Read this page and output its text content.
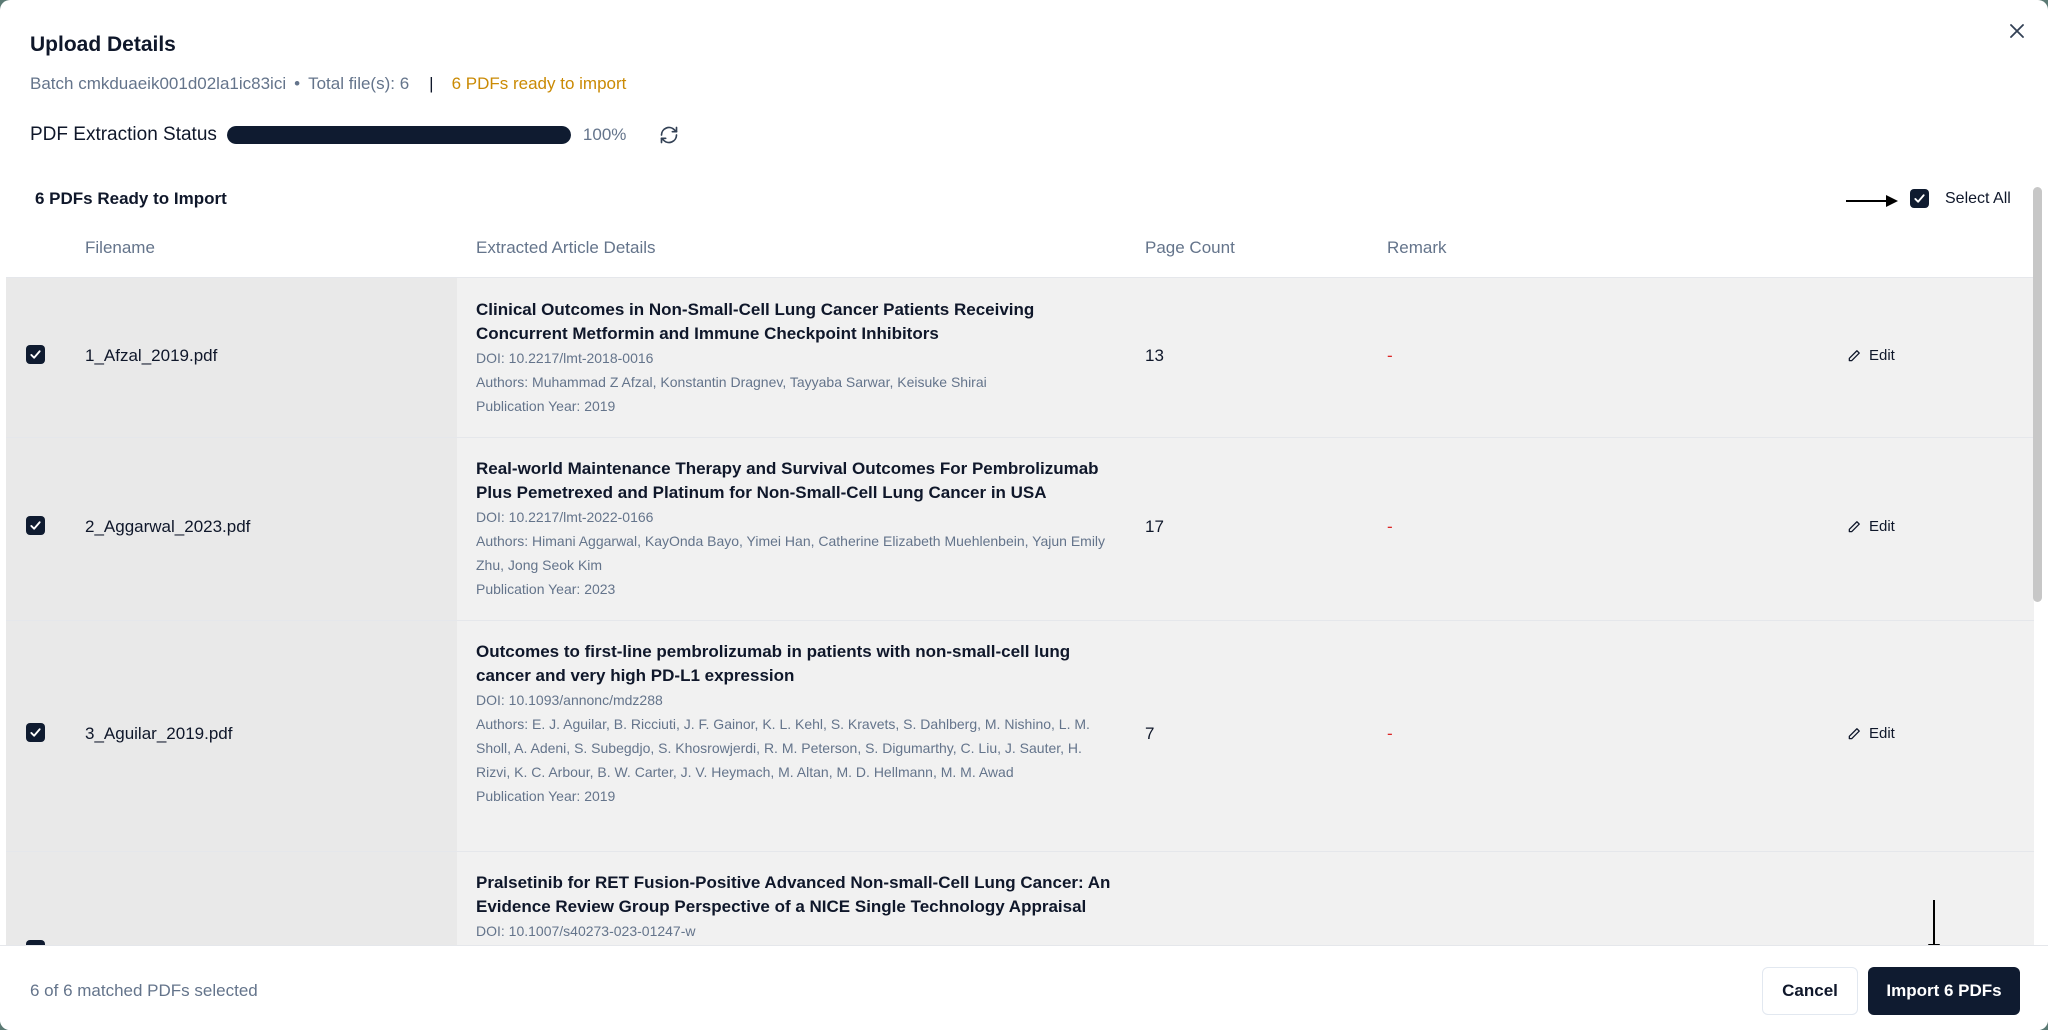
Upload Details
Batch cmkduaeik001d02la1ic83ici • Total file(s): 6 | 6 PDFs ready to import
PDF Extraction Status	100%
6 PDFs Ready to Import	Select All
Filename	Extracted Article Details	Page Count	Remark
1_Afzal_2019.pdf
Clinical Outcomes in Non-Small-Cell Lung Cancer Patients Receiving Concurrent Metformin and Immune Checkpoint Inhibitors
DOI: 10.2217/lmt-2018-0016
Authors: Muhammad Z Afzal, Konstantin Dragnev, Tayyaba Sarwar, Keisuke Shirai
Publication Year: 2019
13	-	Edit
2_Aggarwal_2023.pdf
Real-world Maintenance Therapy and Survival Outcomes For Pembrolizumab Plus Pemetrexed and Platinum for Non-Small-Cell Lung Cancer in USA
DOI: 10.2217/lmt-2022-0166
Authors: Himani Aggarwal, KayOnda Bayo, Yimei Han, Catherine Elizabeth Muehlenbein, Yajun Emily Zhu, Jong Seok Kim
Publication Year: 2023
17	-	Edit
3_Aguilar_2019.pdf
Outcomes to first-line pembrolizumab in patients with non-small-cell lung cancer and very high PD-L1 expression
DOI: 10.1093/annonc/mdz288
Authors: E. J. Aguilar, B. Ricciuti, J. F. Gainor, K. L. Kehl, S. Kravets, S. Dahlberg, M. Nishino, L. M. Sholl, A. Adeni, S. Subegdjo, S. Khosrowjerdi, R. M. Peterson, S. Digumarthy, C. Liu, J. Sauter, H. Rizvi, K. C. Arbour, B. W. Carter, J. V. Heymach, M. Altan, M. D. Hellmann, M. M. Awad
Publication Year: 2019
7	-	Edit
Pralsetinib for RET Fusion-Positive Advanced Non-small-Cell Lung Cancer: An Evidence Review Group Perspective of a NICE Single Technology Appraisal
DOI: 10.1007/s40273-023-01247-w
6 of 6 matched PDFs selected	Cancel	Import 6 PDFs
